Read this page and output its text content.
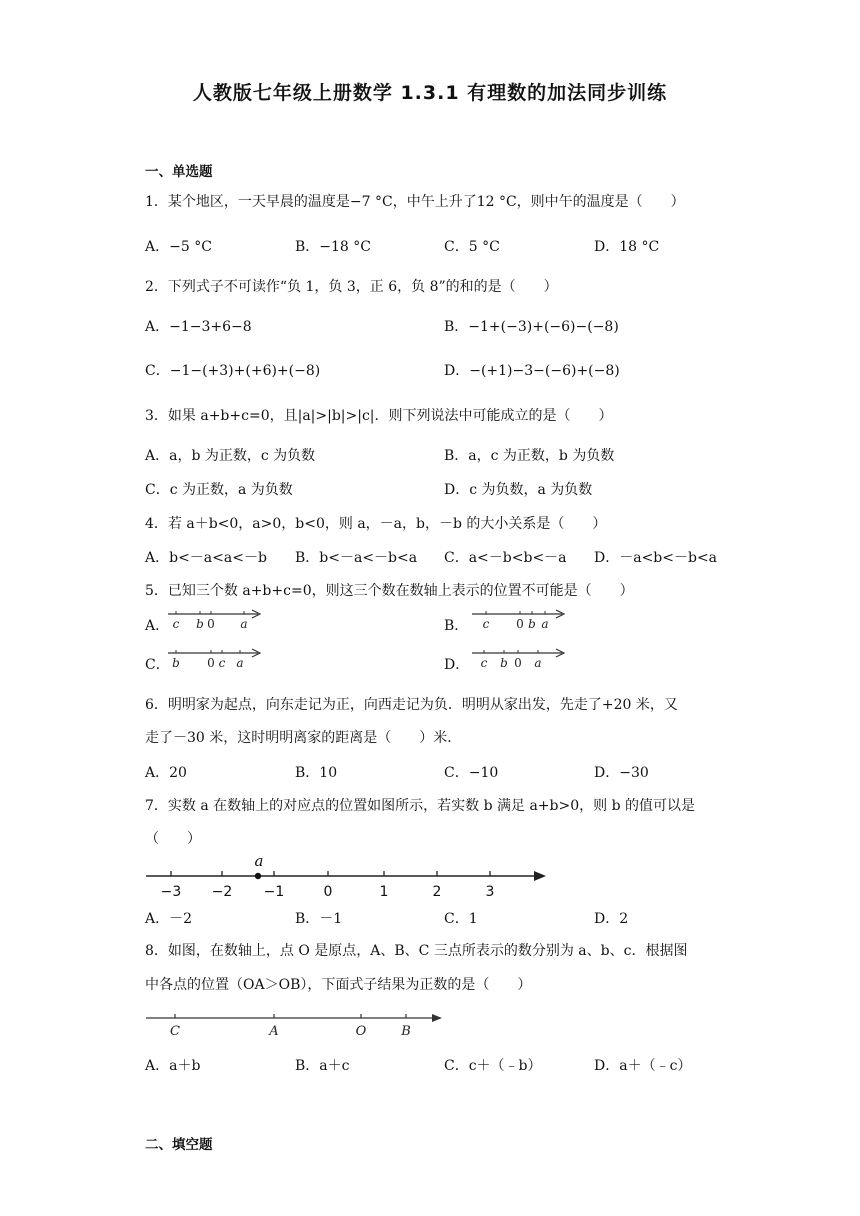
人教版七年级上册数学 1.3.1 有理数的加法同步训练
一、单选题
1．某个地区，一天早晨的温度是−7 °C，中午上升了12 °C，则中午的温度是（　　）
A．−5 °C	B．−18 °C	C．5 °C	D．18 °C
2．下列式子不可读作“负 1，负 3，正 6，负 8”的和的是（　　）
A．−1−3+6−8	B．−1+(−3)+(−6)−(−8)
C．−1−(+3)+(+6)+(−8)	D．−(+1)−3−(−6)+(−8)
3．如果 a+b+c=0，且|a|>|b|>|c|．则下列说法中可能成立的是（　　）
A．a，b 为正数，c 为负数	B．a，c 为正数，b 为负数
C．c 为正数，a 为负数	D．c 为负数，a 为负数
4．若 a＋b<0，a>0，b<0，则 a，－a，b，－b 的大小关系是（　　）
A．b<－a<a<－b B．b<－a<－b<a C．a<－b<b<－a D．－a<b<－b<a
5．已知三个数 a+b+c=0，则这三个数在数轴上表示的位置不可能是（　　）
A．	B．
C．	D．
c b 0 a	c 0 b a
b 0 c a	c b 0 a
6．明明家为起点，向东走记为正，向西走记为负．明明从家出发，先走了+20 米，又
走了－30 米，这时明明离家的距离是（　　）米．
A．20	B．10	C．−10	D．−30
7．实数 a 在数轴上的对应点的位置如图所示，若实数 b 满足 a+b>0，则 b 的值可以是
（　　）
−3 −2 −1	0	1	2	3
a
A．－2	B．－1	C．1	D．2
8．如图，在数轴上，点 O 是原点，A、B、C 三点所表示的数分别为 a、b、c．根据图
中各点的位置（OA＞OB），下面式子结果为正数的是（　　）
C	A	O	B
A．a＋b	B．a＋c	C．c＋（﹣b）	D．a＋（﹣c）
二、填空题
